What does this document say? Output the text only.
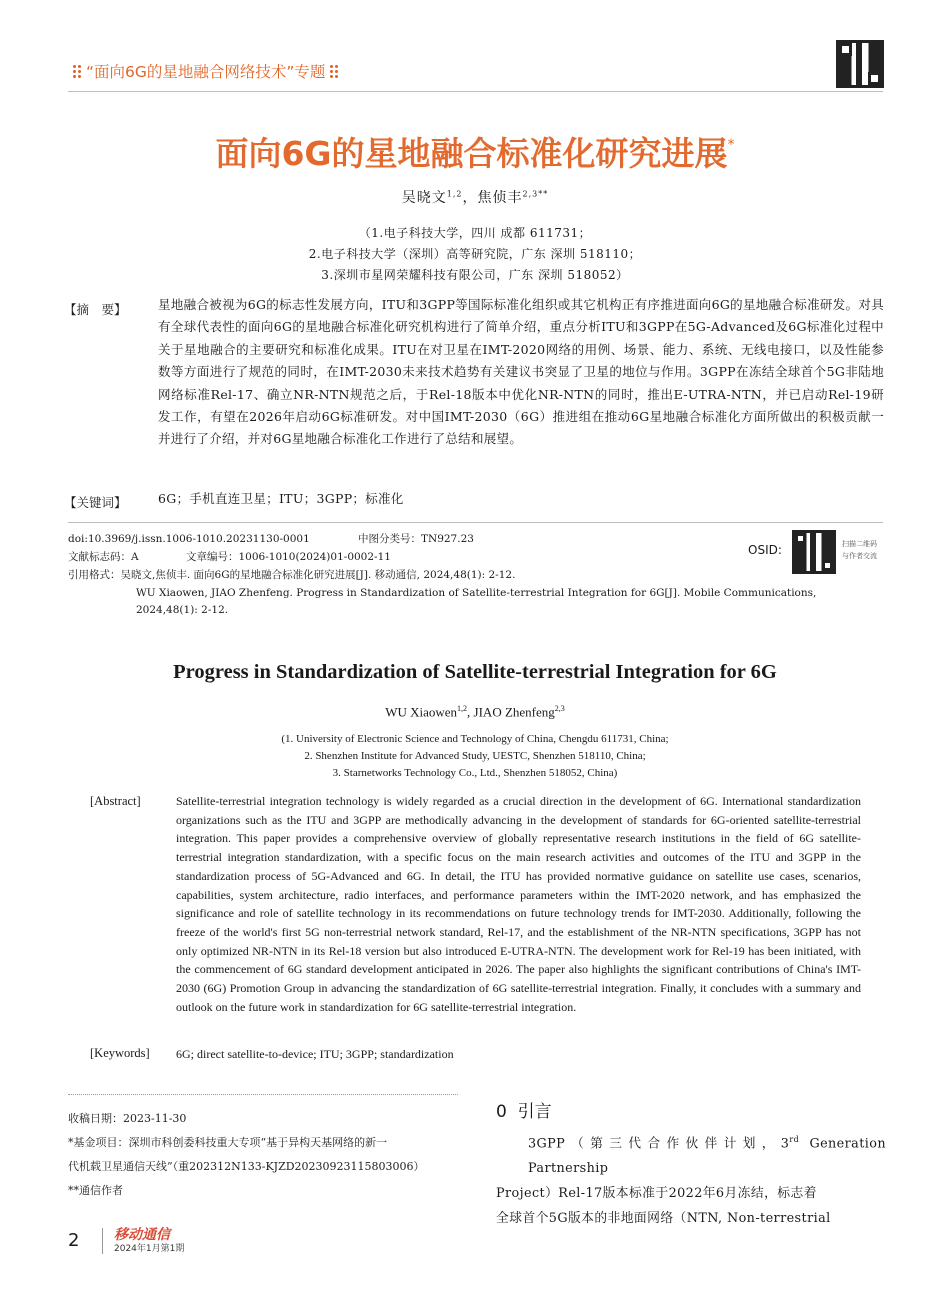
“面向6G的星地融合网络技术”专题
面向6G的星地融合标准化研究进展*
吴晓文$^{1,2}$，焦侦丰$^{2,3**}$
（1.电子科技大学，四川 成都 611731；
2.电子科技大学（深圳）高等研究院，广东 深圳 518110；
3.深圳市星网荣耀科技有限公司，广东 深圳 518052）
【摘　要】	星地融合被视为6G的标志性发展方向，ITU和3GPP等国际标准化组织或其它机构正有序推进面向6G的星地融合标准研发。对具有全球代表性的面向6G的星地融合标准化研究机构进行了简单介绍，重点分析ITU和3GPP在5G-Advanced及6G标准化过程中关于星地融合的主要研究和标准化成果。ITU在对卫星在IMT-2020网络的用例、场景、能力、系统、无线电接口，以及性能参数等方面进行了规范的同时，在IMT-2030未来技术趋势有关建议书突显了卫星的地位与作用。3GPP在冻结全球首个5G非陆地网络标准Rel-17、确立NR-NTN规范之后，于Rel-18版本中优化NR-NTN的同时，推出E-UTRA-NTN，并已启动Rel-19研发工作，有望在2026年启动6G标准研发。对中国IMT-2030（6G）推进组在推动6G星地融合标准化方面所做出的积极贡献一并进行了介绍，并对6G星地融合标准化工作进行了总结和展望。
【关键词】	6G；手机直连卫星；ITU；3GPP；标准化
doi:10.3969/j.issn.1006-1010.20231130-0001	中图分类号：TN927.23
文献标志码：A	文章编号：1006-1010(2024)01-0002-11
引用格式：吴晓文,焦侦丰. 面向6G的星地融合标准化研究进展[J]. 移动通信, 2024,48(1): 2-12.
WU Xiaowen, JIAO Zhenfeng. Progress in Standardization of Satellite-terrestrial Integration for 6G[J]. Mobile Communications,
2024,48(1): 2-12.
OSID:	扫描二维码
与作者交流
Progress in Standardization of Satellite-terrestrial Integration for 6G
WU Xiaowen$^{1,2}$, JIAO Zhenfeng$^{2,3}$
(1. University of Electronic Science and Technology of China, Chengdu 611731, China;
2. Shenzhen Institute for Advanced Study, UESTC, Shenzhen 518110, China;
3. Starnetworks Technology Co., Ltd., Shenzhen 518052, China)
[Abstract]	Satellite-terrestrial integration technology is widely regarded as a crucial direction in the development of 6G. International standardization organizations such as the ITU and 3GPP are methodically advancing in the development of standards for 6G-oriented satellite-terrestrial integration. This paper provides a comprehensive overview of globally representative research institutions in the field of 6G satellite-terrestrial integration standardization, with a specific focus on the main research activities and outcomes of the ITU and 3GPP in the standardization process of 5G-Advanced and 6G. In detail, the ITU has provided normative guidance on satellite use cases, scenarios, capabilities, system architecture, radio interfaces, and performance parameters within the IMT-2020 network, and has emphasized the significance and role of satellite technology in its recommendations on future technology trends for IMT-2030. Additionally, following the freeze of the world's first 5G non-terrestrial network standard, Rel-17, and the establishment of the NR-NTN specifications, 3GPP has not only optimized NR-NTN in its Rel-18 version but also introduced E-UTRA-NTN. The development work for Rel-19 has been initiated, with the commencement of 6G standard development anticipated in 2026. The paper also highlights the significant contributions of China's IMT-2030 (6G) Promotion Group in advancing the standardization of 6G satellite-terrestrial integration. Finally, it concludes with a summary and outlook on the future work in standardization for 6G satellite-terrestrial integration.
[Keywords] 6G; direct satellite-to-device; ITU; 3GPP; standardization
收稿日期：2023-11-30
*基金项目：深圳市科创委科技重大专项“基于异构天基网络的新一
代机载卫星通信天线”（重202312N133-KJZD20230923115803006）
**通信作者
0 引言
3GPP（第三代合作伙伴计划，3rd Generation Partnership
Project）Rel-17版本标准于2022年6月冻结，标志着
全球首个5G版本的非地面网络（NTN, Non-terrestrial
2 移动通信
2024年1月第1期
